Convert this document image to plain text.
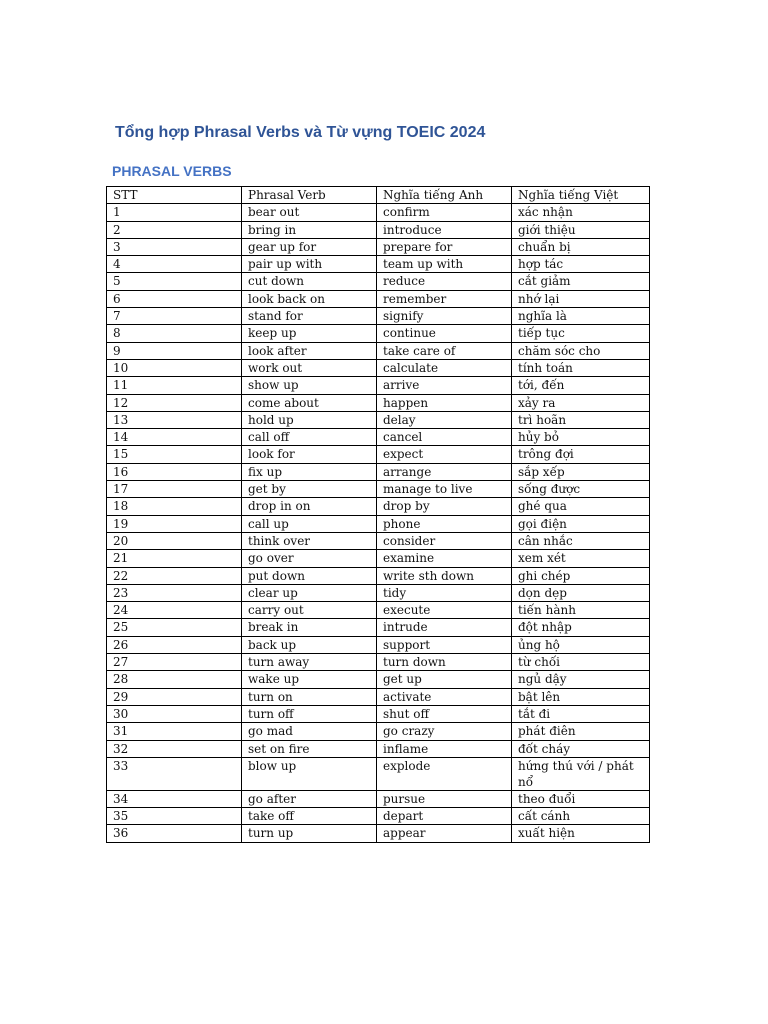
Tổng hợp Phrasal Verbs và Từ vựng TOEIC 2024
PHRASAL VERBS
STT	Phrasal Verb	Nghĩa tiếng Anh	Nghĩa tiếng Việt
1	bear out	confirm	xác nhận
2	bring in	introduce	giới thiệu
3	gear up for	prepare for	chuẩn bị
4	pair up with	team up with	hợp tác
5	cut down	reduce	cắt giảm
6	look back on	remember	nhớ lại
7	stand for	signify	nghĩa là
8	keep up	continue	tiếp tục
9	look after	take care of	chăm sóc cho
10	work out	calculate	tính toán
11	show up	arrive	tới, đến
12	come about	happen	xảy ra
13	hold up	delay	trì hoãn
14	call off	cancel	hủy bỏ
15	look for	expect	trông đợi
16	fix up	arrange	sắp xếp
17	get by	manage to live	sống được
18	drop in on	drop by	ghé qua
19	call up	phone	gọi điện
20	think over	consider	cân nhắc
21	go over	examine	xem xét
22	put down	write sth down	ghi chép
23	clear up	tidy	dọn dẹp
24	carry out	execute	tiến hành
25	break in	intrude	đột nhập
26	back up	support	ủng hộ
27	turn away	turn down	từ chối
28	wake up	get up	ngủ dậy
29	turn on	activate	bật lên
30	turn off	shut off	tắt đi
31	go mad	go crazy	phát điên
32	set on fire	inflame	đốt cháy
33	blow up	explode	hứng thú với / phát nổ
34	go after	pursue	theo đuổi
35	take off	depart	cất cánh
36	turn up	appear	xuất hiện
